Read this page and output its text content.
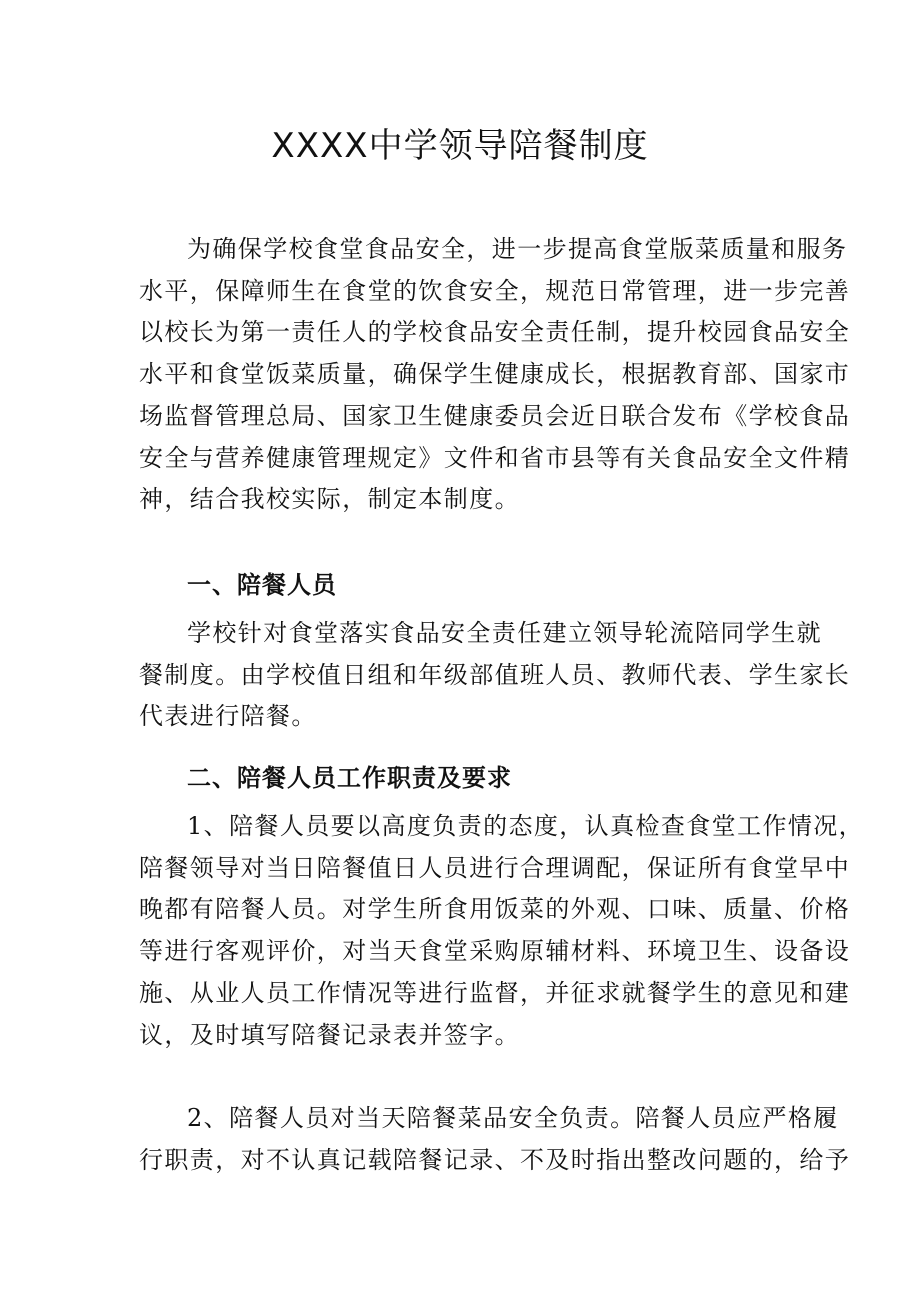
XXXX中学领导陪餐制度
为确保学校食堂食品安全，进一步提高食堂版菜质量和服务
水平，保障师生在食堂的饮食安全，规范日常管理，进一步完善
以校长为第一责任人的学校食品安全责任制，提升校园食品安全
水平和食堂饭菜质量，确保学生健康成长，根据教育部、国家市
场监督管理总局、国家卫生健康委员会近日联合发布《学校食品
安全与营养健康管理规定》文件和省市县等有关食品安全文件精
神，结合我校实际，制定本制度。
一、陪餐人员
学校针对食堂落实食品安全责任建立领导轮流陪同学生就
餐制度。由学校值日组和年级部值班人员、教师代表、学生家长
代表进行陪餐。
二、陪餐人员工作职责及要求
1、陪餐人员要以高度负责的态度，认真检查食堂工作情况，
陪餐领导对当日陪餐值日人员进行合理调配，保证所有食堂早中
晚都有陪餐人员。对学生所食用饭菜的外观、口味、质量、价格
等进行客观评价，对当天食堂采购原辅材料、环境卫生、设备设
施、从业人员工作情况等进行监督，并征求就餐学生的意见和建
议，及时填写陪餐记录表并签字。
2、陪餐人员对当天陪餐菜品安全负责。陪餐人员应严格履
行职责，对不认真记载陪餐记录、不及时指出整改问题的，给予
